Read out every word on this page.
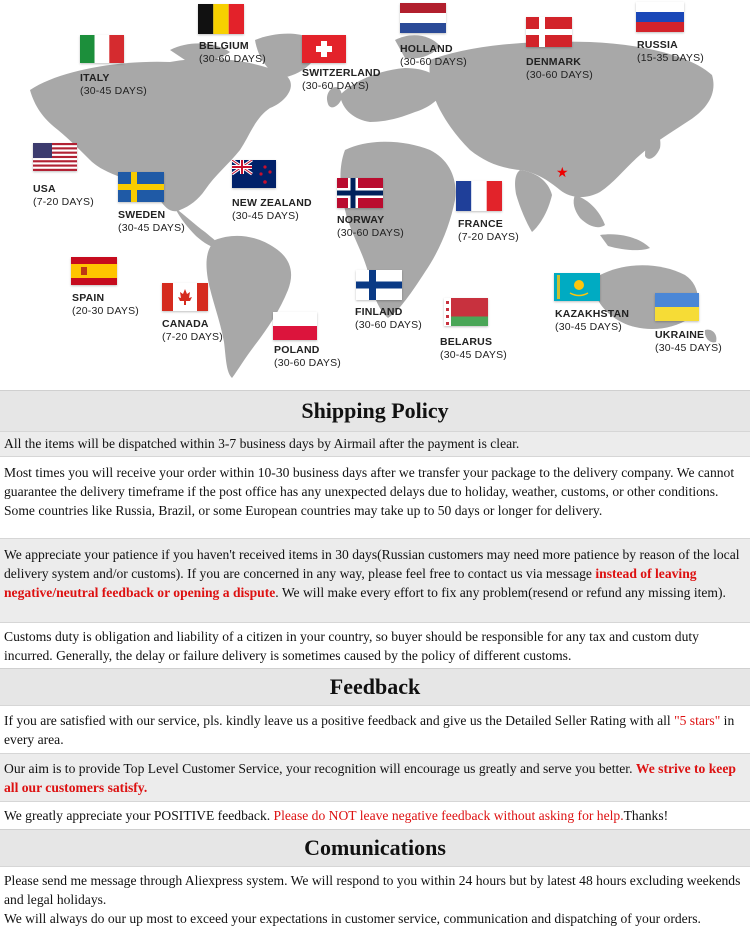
BELGIUM
(30-60 DAYS)
HOLLAND
(30-60 DAYS)
RUSSIA
(15-35 DAYS)
ITALY
(30-45 DAYS)
SWITZERLAND
(30-60 DAYS)
DENMARK
(30-60 DAYS)
USA
(7-20 DAYS)	NEW ZEALAND
(30-45 DAYS)
SWEDEN
(30-45 DAYS)
NORWAY
(30-60 DAYS)
FRANCE
(7-20 DAYS)
SPAIN
(20-30 DAYS)
CANADA
(7-20 DAYS)
FINLAND
(30-60 DAYS)
KAZAKHSTAN
(30-45 DAYS)
UKRAINE
(30-45 DAYS)
POLAND
(30-60 DAYS)
BELARUS
(30-45 DAYS)
★
Shipping Policy
All the items will be dispatched within 3-7 business days by Airmail after the payment is clear.
Most times you will receive your order within 10-30 business days after we transfer your package to the delivery company. We cannot guarantee the delivery timeframe if the post office has any unexpected delays due to holiday, weather, customs, or other conditions. Some countries like Russia, Brazil, or some European countries may take up to 50 days or longer for delivery.
We appreciate your patience if you haven't received items in 30 days(Russian customers may need more patience by reason of the local delivery system and/or customs). If you are concerned in any way, please feel free to contact us via message instead of leaving negative/neutral feedback or opening a dispute. We will make every effort to fix any problem(resend or refund any missing item).
Customs duty is obligation and liability of a citizen in your country, so buyer should be responsible for any tax and custom duty incurred. Generally, the delay or failure delivery is sometimes caused by the policy of different customs.
Feedback
If you are satisfied with our service, pls. kindly leave us a positive feedback and give us the Detailed Seller Rating with all "5 stars" in every area.
Our aim is to provide Top Level Customer Service, your recognition will encourage us greatly and serve you better. We strive to keep all our customers satisfy.
We greatly appreciate your POSITIVE feedback. Please do NOT leave negative feedback without asking for help.Thanks!
Comunications
Please send me message through Aliexpress system. We will respond to you within 24 hours but by latest 48 hours excluding weekends and legal holidays.
We will always do our up most to exceed your expectations in customer service, communication and dispatching of your orders.
